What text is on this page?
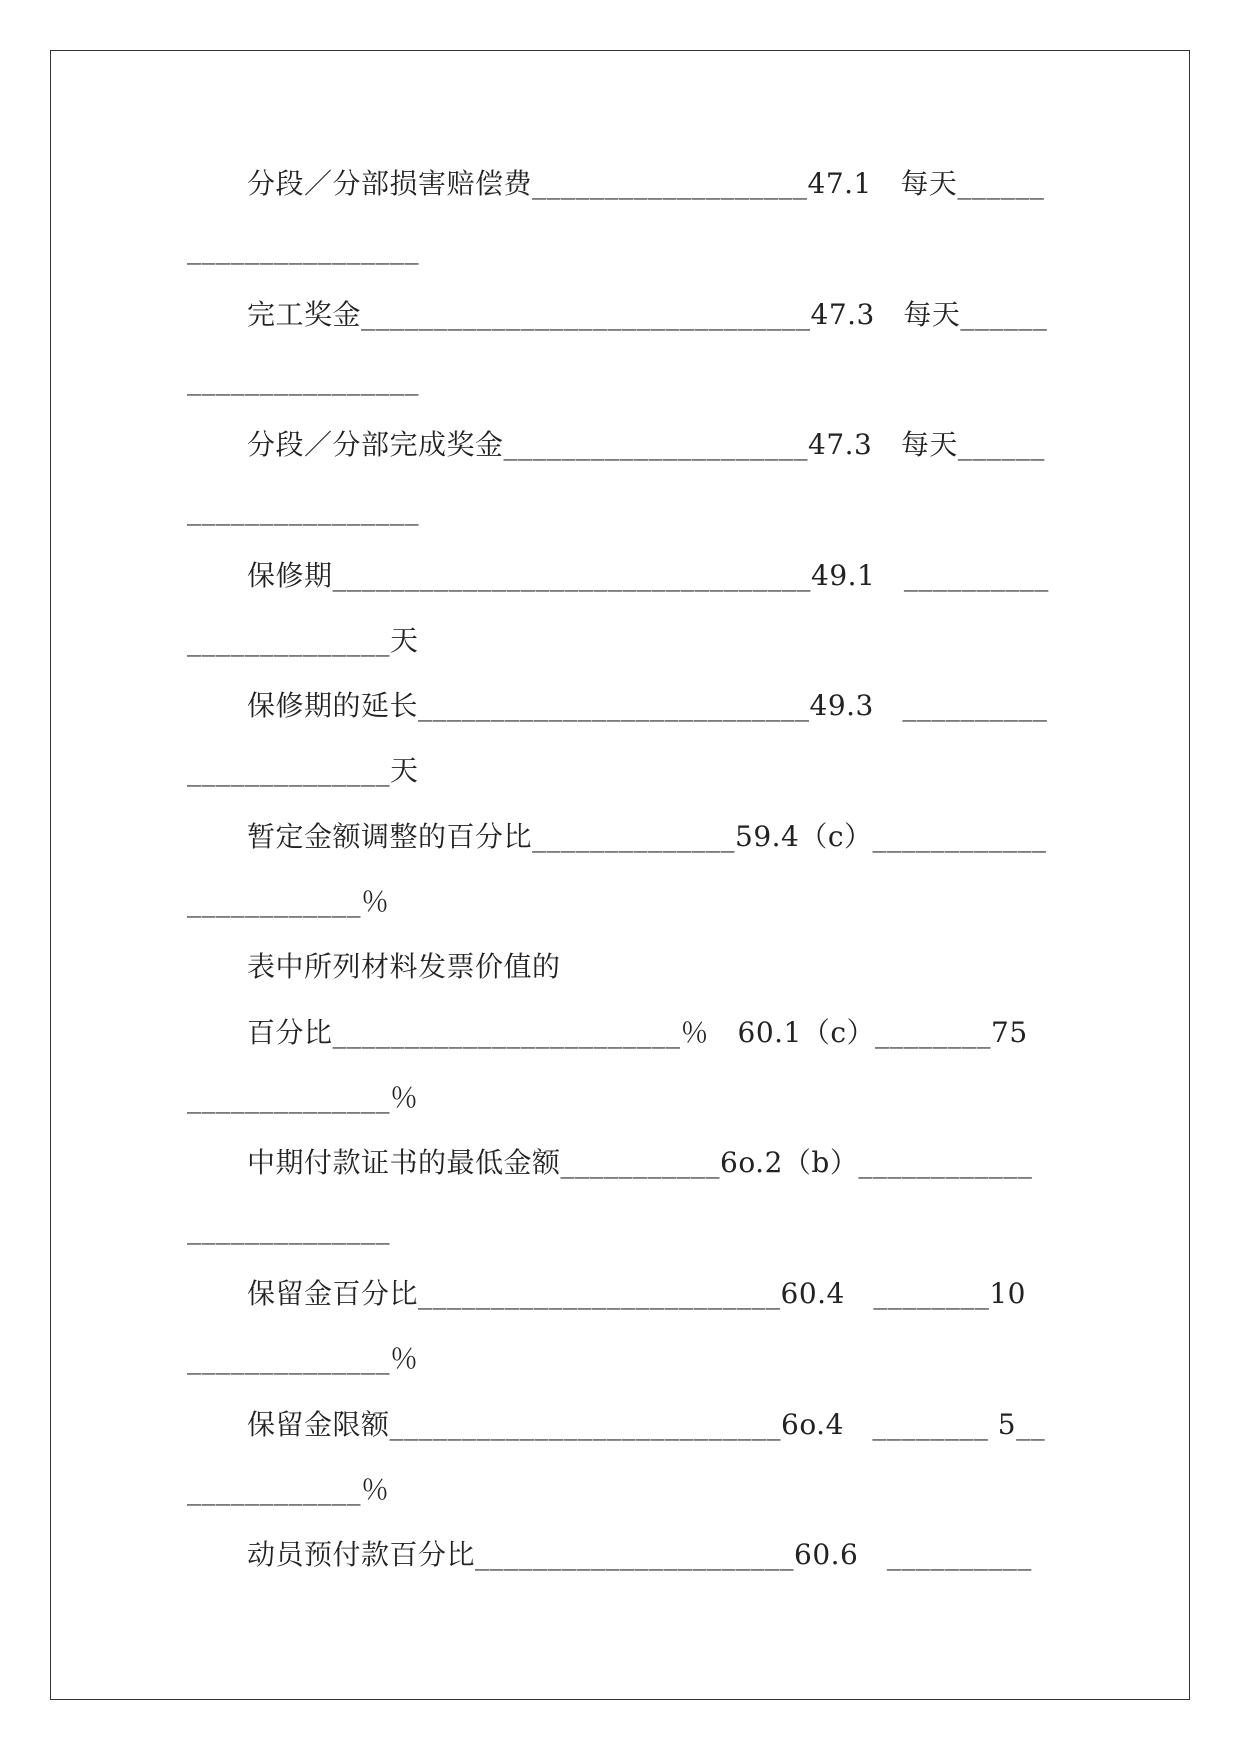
分段／分部损害赔偿费___________________47.1　每天______
________________
完工奖金_______________________________47.3　每天______
________________
分段／分部完成奖金_____________________47.3　每天______
________________
保修期_________________________________49.1　__________
______________天
保修期的延长___________________________49.3　__________
______________天
暂定金额调整的百分比______________59.4（c）____________
____________％
表中所列材料发票价值的
百分比________________________％　60.1（c）________75
______________％
中期付款证书的最低金额___________6o.2（b）____________
______________
保留金百分比_________________________60.4　________10
______________％
保留金限额___________________________6o.4　________ 5__
____________％
动员预付款百分比______________________60.6　__________
